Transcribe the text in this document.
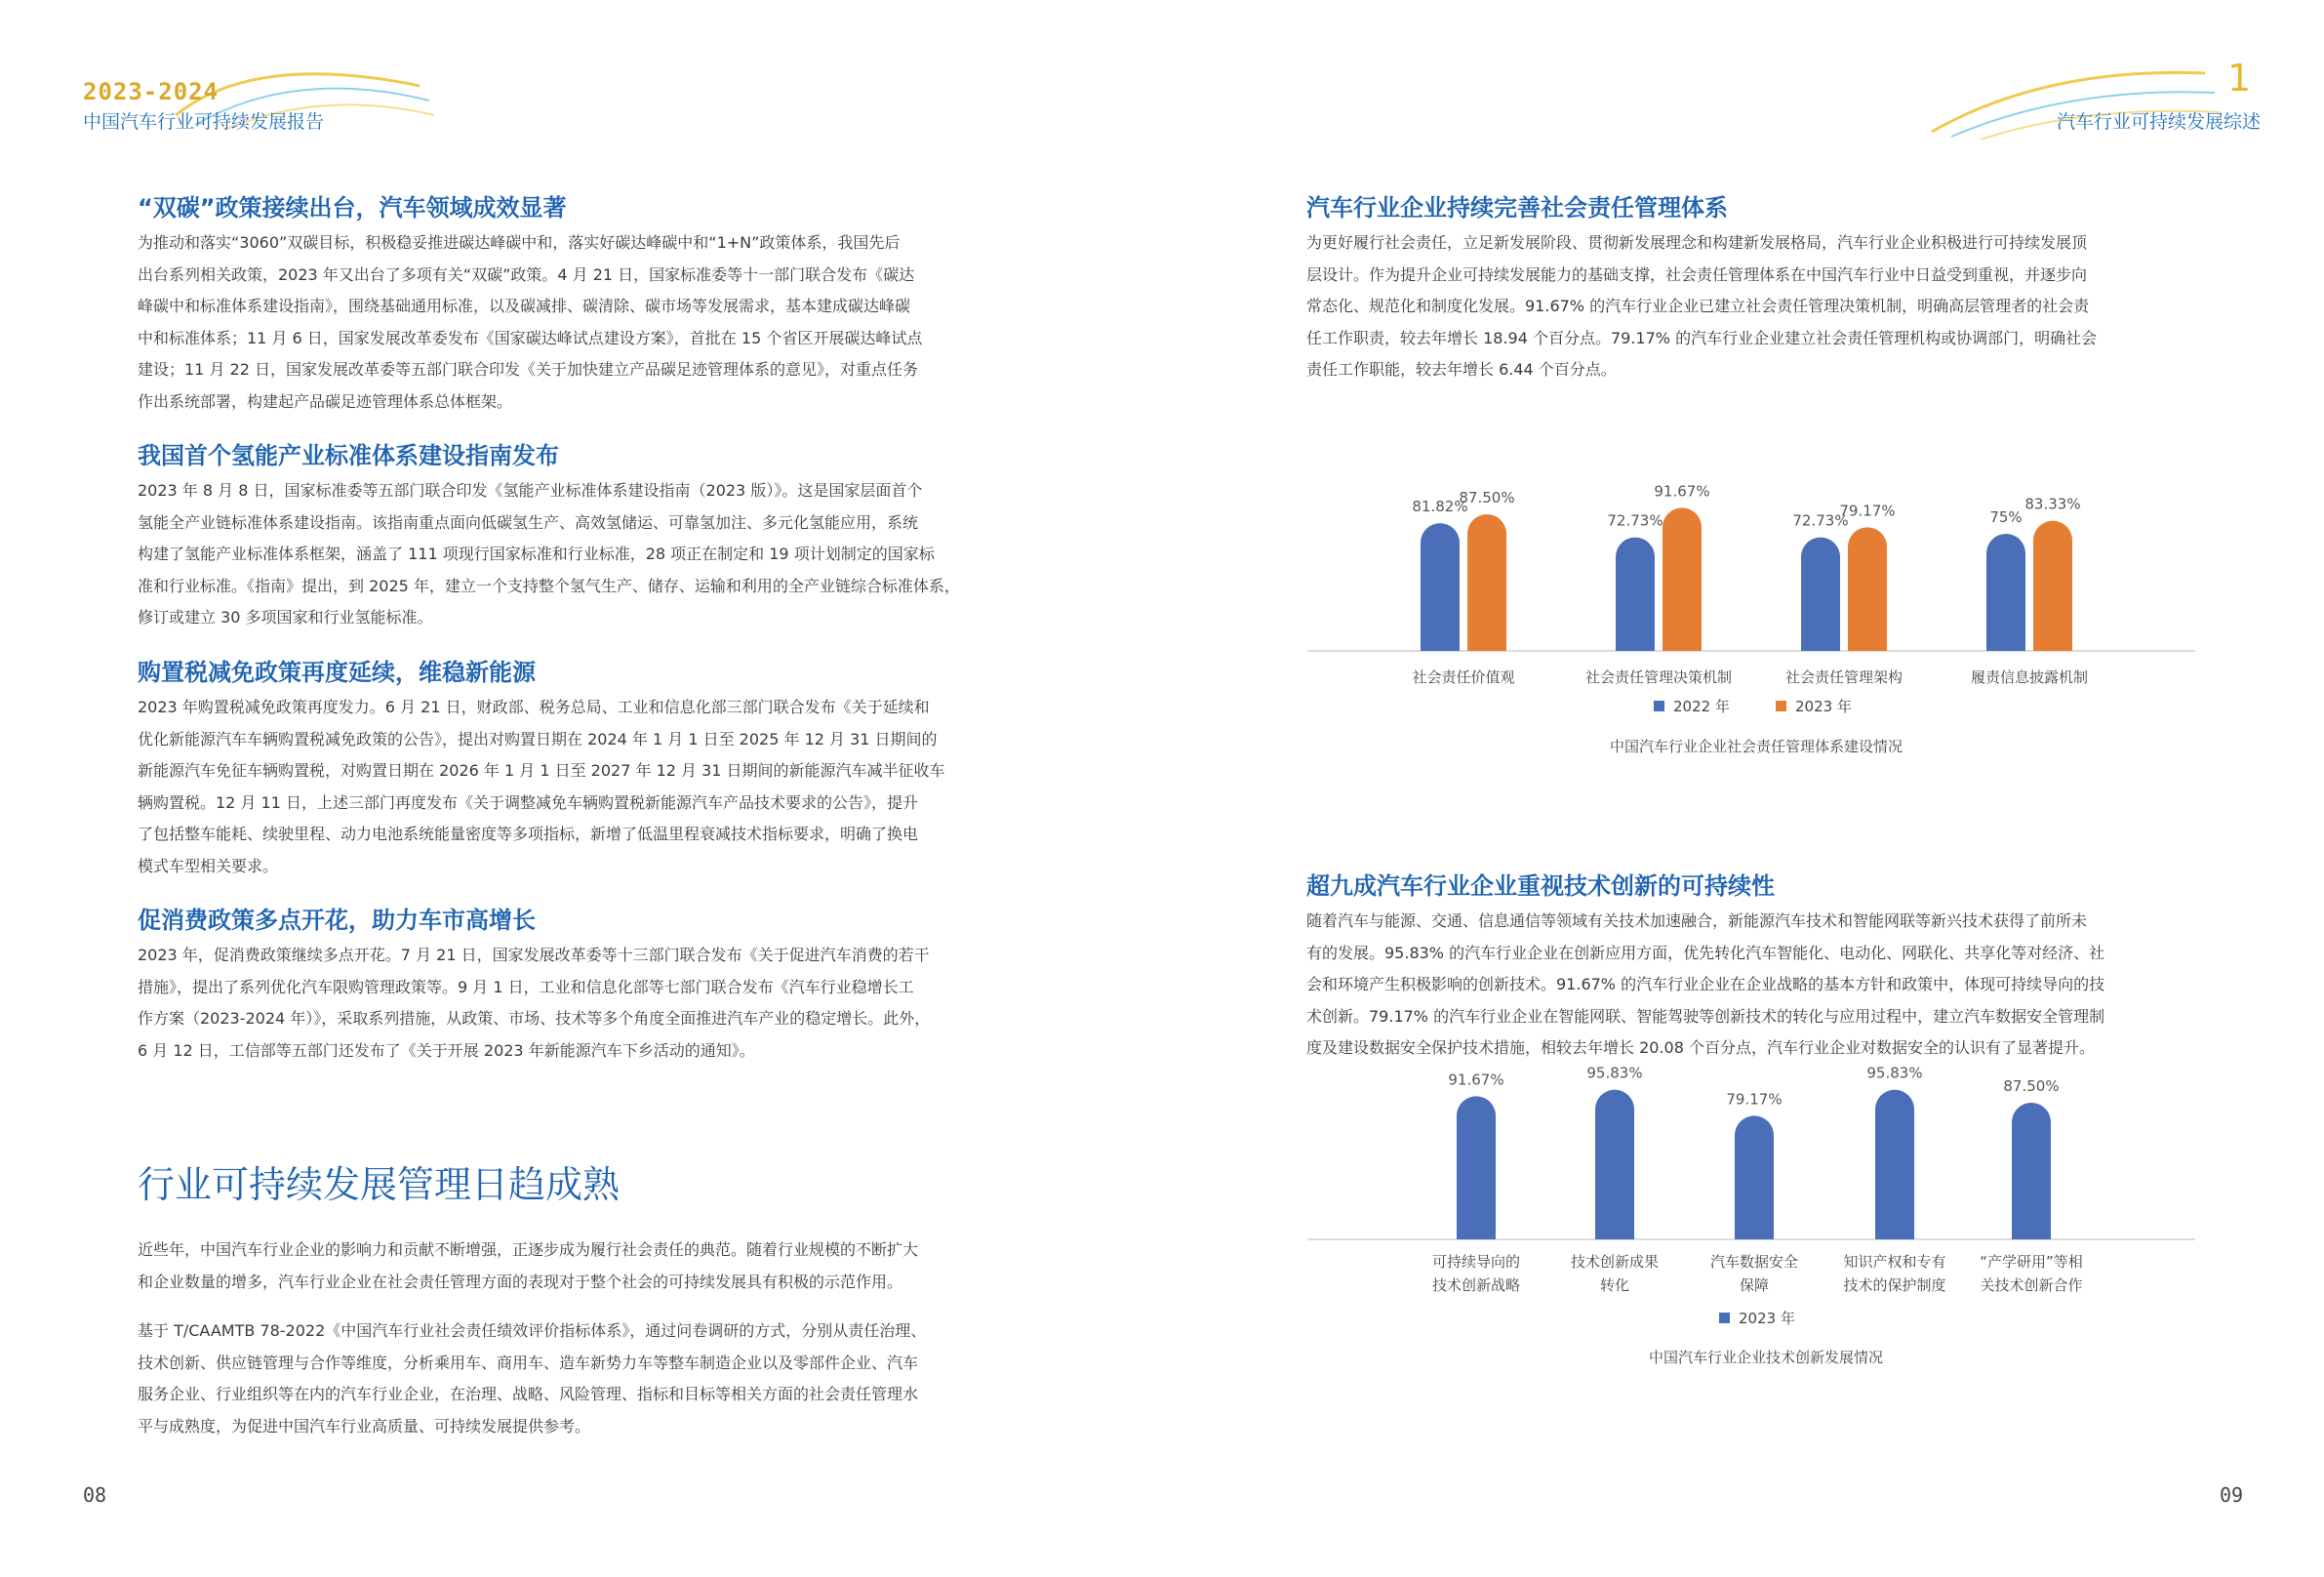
2023-2024
中国汽车行业可持续发展报告
1
汽车行业可持续发展综述
“双碳”政策接续出台，汽车领域成效显著
为推动和落实“3060”双碳目标，积极稳妥推进碳达峰碳中和，落实好碳达峰碳中和“1+N”政策体系，我国先后
出台系列相关政策，2023 年又出台了多项有关“双碳”政策。4 月 21 日，国家标准委等十一部门联合发布《碳达
峰碳中和标准体系建设指南》，围绕基础通用标准，以及碳减排、碳清除、碳市场等发展需求，基本建成碳达峰碳
中和标准体系；11 月 6 日，国家发展改革委发布《国家碳达峰试点建设方案》，首批在 15 个省区开展碳达峰试点
建设；11 月 22 日，国家发展改革委等五部门联合印发《关于加快建立产品碳足迹管理体系的意见》，对重点任务
作出系统部署，构建起产品碳足迹管理体系总体框架。
我国首个氢能产业标准体系建设指南发布
2023 年 8 月 8 日，国家标准委等五部门联合印发《氢能产业标准体系建设指南（2023 版）》。这是国家层面首个
氢能全产业链标准体系建设指南。该指南重点面向低碳氢生产、高效氢储运、可靠氢加注、多元化氢能应用，系统
构建了氢能产业标准体系框架，涵盖了 111 项现行国家标准和行业标准，28 项正在制定和 19 项计划制定的国家标
准和行业标准。《指南》提出，到 2025 年，建立一个支持整个氢气生产、储存、运输和利用的全产业链综合标准体系，
修订或建立 30 多项国家和行业氢能标准。
购置税减免政策再度延续，维稳新能源
2023 年购置税减免政策再度发力。6 月 21 日，财政部、税务总局、工业和信息化部三部门联合发布《关于延续和
优化新能源汽车车辆购置税减免政策的公告》，提出对购置日期在 2024 年 1 月 1 日至 2025 年 12 月 31 日期间的
新能源汽车免征车辆购置税，对购置日期在 2026 年 1 月 1 日至 2027 年 12 月 31 日期间的新能源汽车减半征收车
辆购置税。12 月 11 日，上述三部门再度发布《关于调整减免车辆购置税新能源汽车产品技术要求的公告》，提升
了包括整车能耗、续驶里程、动力电池系统能量密度等多项指标，新增了低温里程衰减技术指标要求，明确了换电
模式车型相关要求。
促消费政策多点开花，助力车市高增长
2023 年，促消费政策继续多点开花。7 月 21 日，国家发展改革委等十三部门联合发布《关于促进汽车消费的若干
措施》，提出了系列优化汽车限购管理政策等。9 月 1 日，工业和信息化部等七部门联合发布《汽车行业稳增长工
作方案（2023-2024 年）》，采取系列措施，从政策、市场、技术等多个角度全面推进汽车产业的稳定增长。此外，
6 月 12 日，工信部等五部门还发布了《关于开展 2023 年新能源汽车下乡活动的通知》。
行业可持续发展管理日趋成熟
近些年，中国汽车行业企业的影响力和贡献不断增强，正逐步成为履行社会责任的典范。随着行业规模的不断扩大
和企业数量的增多，汽车行业企业在社会责任管理方面的表现对于整个社会的可持续发展具有积极的示范作用。
基于 T/CAAMTB 78-2022《中国汽车行业社会责任绩效评价指标体系》，通过问卷调研的方式，分别从责任治理、
技术创新、供应链管理与合作等维度，分析乘用车、商用车、造车新势力车等整车制造企业以及零部件企业、汽车
服务企业、行业组织等在内的汽车行业企业，在治理、战略、风险管理、指标和目标等相关方面的社会责任管理水
平与成熟度，为促进中国汽车行业高质量、可持续发展提供参考。
08
汽车行业企业持续完善社会责任管理体系
为更好履行社会责任，立足新发展阶段、贯彻新发展理念和构建新发展格局，汽车行业企业积极进行可持续发展顶
层设计。作为提升企业可持续发展能力的基础支撑，社会责任管理体系在中国汽车行业中日益受到重视，并逐步向
常态化、规范化和制度化发展。91.67% 的汽车行业企业已建立社会责任管理决策机制，明确高层管理者的社会责
任工作职责，较去年增长 18.94 个百分点。79.17% 的汽车行业企业建立社会责任管理机构或协调部门，明确社会
责任工作职能，较去年增长 6.44 个百分点。
81.82%
87.50%
社会责任价值观
72.73%
91.67%
社会责任管理决策机制
72.73%
79.17%
社会责任管理架构
75%
83.33%
履责信息披露机制
2022 年	2023 年
中国汽车行业企业社会责任管理体系建设情况
超九成汽车行业企业重视技术创新的可持续性
随着汽车与能源、交通、信息通信等领域有关技术加速融合，新能源汽车技术和智能网联等新兴技术获得了前所未
有的发展。95.83% 的汽车行业企业在创新应用方面，优先转化汽车智能化、电动化、网联化、共享化等对经济、社
会和环境产生积极影响的创新技术。91.67% 的汽车行业企业在企业战略的基本方针和政策中，体现可持续导向的技
术创新。79.17% 的汽车行业企业在智能网联、智能驾驶等创新技术的转化与应用过程中，建立汽车数据安全管理制
度及建设数据安全保护技术措施，相较去年增长 20.08 个百分点，汽车行业企业对数据安全的认识有了显著提升。
91.67%
可持续导向的
技术创新战略
95.83%
技术创新成果
转化
79.17%
汽车数据安全
保障
95.83%
知识产权和专有
技术的保护制度
87.50%
“产学研用”等相
关技术创新合作
2023 年
中国汽车行业企业技术创新发展情况
09
